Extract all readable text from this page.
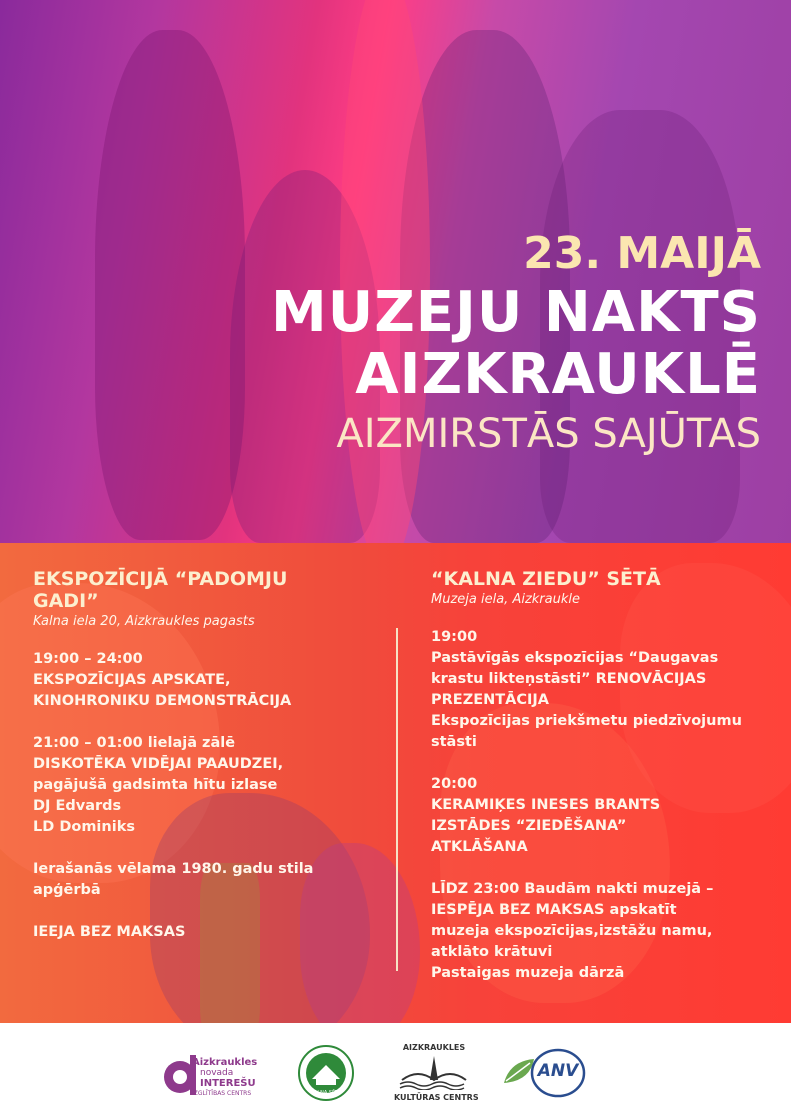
23. MAIJĀ
MUZEJU NAKTS
AIZKRAUKLĒ
AIZMIRSTĀS SAJŪTAS

EKSPOZĪCIJĀ “PADOMJU

GADI”

Kalna iela 20, Aizkraukles pagasts

19:00 – 24:00

EKSPOZĪCIJAS APSKATE,

KINOHRONIKU DEMONSTRĀCIJA

21:00 – 01:00 lielajā zālē

DISKOTĒKA VIDĒJAI PAAUDZEI,

pagājušā gadsimta hītu izlase

DJ Edvards

LD Dominiks

Ierašanās vēlama 1980. gadu stila

apģērbā

IEEJA BEZ MAKSAS

“KALNA ZIEDU” SĒTĀ

Muzeja iela, Aizkraukle

19:00

Pastāvīgās ekspozīcijas “Daugavas

krastu likteņstāsti” RENOVĀCIJAS

PREZENTĀCIJA

Ekspozīcijas priekšmetu piedzīvojumu

stāsti

20:00

KERAMIĶES INESES BRANTS

IZSTĀDES “ZIEDĒŠANA”

ATKLĀŠANA

LĪDZ 23:00 Baudām nakti muzejā –

IESPĒJA BEZ MAKSAS apskatīt

muzeja ekspozīcijas,izstāžu namu,

atklāto krātuvi

Pastaigas muzeja dārzā

Aizkraukles
novada
INTEREŠU
IZGLĪTĪBAS CENTRS	KALNA SĒTA
AIZKRAUKLES
KULTŪRAS CENTRS
ANV
